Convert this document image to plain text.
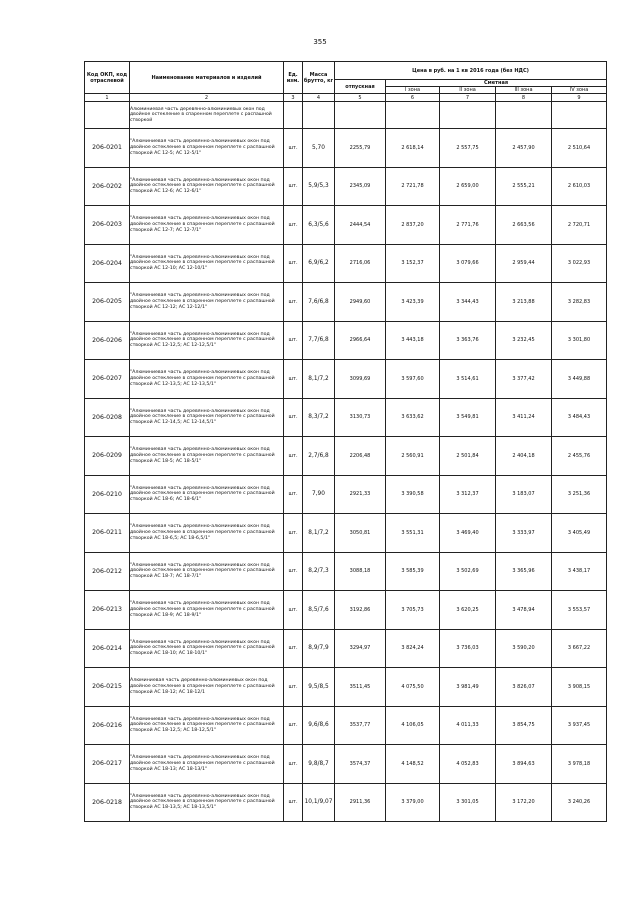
355
Код ОКП, код отраслевой	Наименование материалов и изделий	Ед. изм.	Масса брутто, кг	Цена в руб. на 1 кв 2016 года (без НДС)				
				отпускная	Сметная			
					I зона	II зона	III зона	IV зона
1	2	3	4	5	6	7	8	9
	Алюминиевая часть деревянно-алюминиевых окон под двойное остекление в спаренном переплете с распашной створкой							
206-0201	"Алюминиевая часть деревянно-алюминиевых окон под двойное остекление в спаренном переплете с распашной створкой АС 12-5; АС 12-5/1"	шт.	5,70	2255,79	2 618,14	2 557,75	2 457,90	2 510,64
206-0202	"Алюминиевая часть деревянно-алюминиевых окон под двойное остекление в спаренном переплете с распашной створкой АС 12-6; АС 12-6/1"	шт.	5,9/5,3	2345,09	2 721,78	2 659,00	2 555,21	2 610,03
206-0203	"Алюминиевая часть деревянно-алюминиевых окон под двойное остекление в спаренном переплете с распашной створкой АС 12-7; АС 12-7/1"	шт.	6,3/5,6	2444,54	2 837,20	2 771,76	2 663,56	2 720,71
206-0204	"Алюминиевая часть деревянно-алюминиевых окон под двойное остекление в спаренном переплете с распашной створкой АС 12-10; АС 12-10/1"	шт.	6,9/6,2	2716,06	3 152,37	3 079,66	2 959,44	3 022,93
206-0205	"Алюминиевая часть деревянно-алюминиевых окон под двойное остекление в спаренном переплете с распашной створкой АС 12-12; АС 12-12/1"	шт.	7,6/6,8	2949,60	3 423,39	3 344,43	3 213,88	3 282,83
206-0206	"Алюминиевая часть деревянно-алюминиевых окон под двойное остекление в спаренном переплете с распашной створкой АС 12-12,5; АС 12-12,5/1"	шт.	7,7/6,8	2966,64	3 443,18	3 363,76	3 232,45	3 301,80
206-0207	"Алюминиевая часть деревянно-алюминиевых окон под двойное остекление в спаренном переплете с распашной створкой АС 12-13,5; АС 12-13,5/1"	шт.	8,1/7,2	3099,69	3 597,60	3 514,61	3 377,42	3 449,88
206-0208	"Алюминиевая часть деревянно-алюминиевых окон под двойное остекление в спаренном переплете с распашной створкой АС 12-14,5; АС 12-14,5/1"	шт.	8,3/7,2	3130,73	3 633,62	3 549,81	3 411,24	3 484,43
206-0209	"Алюминиевая часть деревянно-алюминиевых окон под двойное остекление в спаренном переплете с распашной створкой АС 18-5; АС 18-5/1"	шт.	2,7/6,8	2206,48	2 560,91	2 501,84	2 404,18	2 455,76
206-0210	"Алюминиевая часть деревянно-алюминиевых окон под двойное остекление в спаренном переплете с распашной створкой АС 18-6; АС 18-6/1"	шт.	7,90	2921,33	3 390,58	3 312,37	3 183,07	3 251,36
206-0211	"Алюминиевая часть деревянно-алюминиевых окон под двойное остекление в спаренном переплете с распашной створкой АС 18-6,5; АС 18-6,5/1"	шт.	8,1/7,2	3050,81	3 551,31	3 469,40	3 333,97	3 405,49
206-0212	"Алюминиевая часть деревянно-алюминиевых окон под двойное остекление в спаренном переплете с распашной створкой АС 18-7; АС 18-7/1"	шт.	8,2/7,3	3088,18	3 585,39	3 502,69	3 365,96	3 438,17
206-0213	"Алюминиевая часть деревянно-алюминиевых окон под двойное остекление в спаренном переплете с распашной створкой АС 18-9; АС 18-9/1"	шт.	8,5/7,6	3192,86	3 705,73	3 620,25	3 478,94	3 553,57
206-0214	"Алюминиевая часть деревянно-алюминиевых окон под двойное остекление в спаренном переплете с распашной створкой АС 18-10; АС 18-10/1"	шт.	8,9/7,9	3294,97	3 824,24	3 736,03	3 590,20	3 667,22
206-0215	Алюминиевая часть деревянно-алюминиевых окон под двойное остекление в спаренном переплете с распашной створкой АС 18-12; АС 18-12/1	шт.	9,5/8,5	3511,45	4 075,50	3 981,49	3 826,07	3 908,15
206-0216	"Алюминиевая часть деревянно-алюминиевых окон под двойное остекление в спаренном переплете с распашной створкой АС 18-12,5; АС 18-12,5/1"	шт.	9,6/8,6	3537,77	4 106,05	4 011,33	3 854,75	3 937,45
206-0217	"Алюминиевая часть деревянно-алюминиевых окон под двойное остекление в спаренном переплете с распашной створкой АС 18-13; АС 18-13/1"	шт.	9,8/8,7	3574,37	4 148,52	4 052,83	3 894,63	3 978,18
206-0218	"Алюминиевая часть деревянно-алюминиевых окон под двойное остекление в спаренном переплете с распашной створкой АС 18-13,5; АС 18-13,5/1"	шт.	10,1/9,07	2911,36	3 379,00	3 301,05	3 172,20	3 240,26
